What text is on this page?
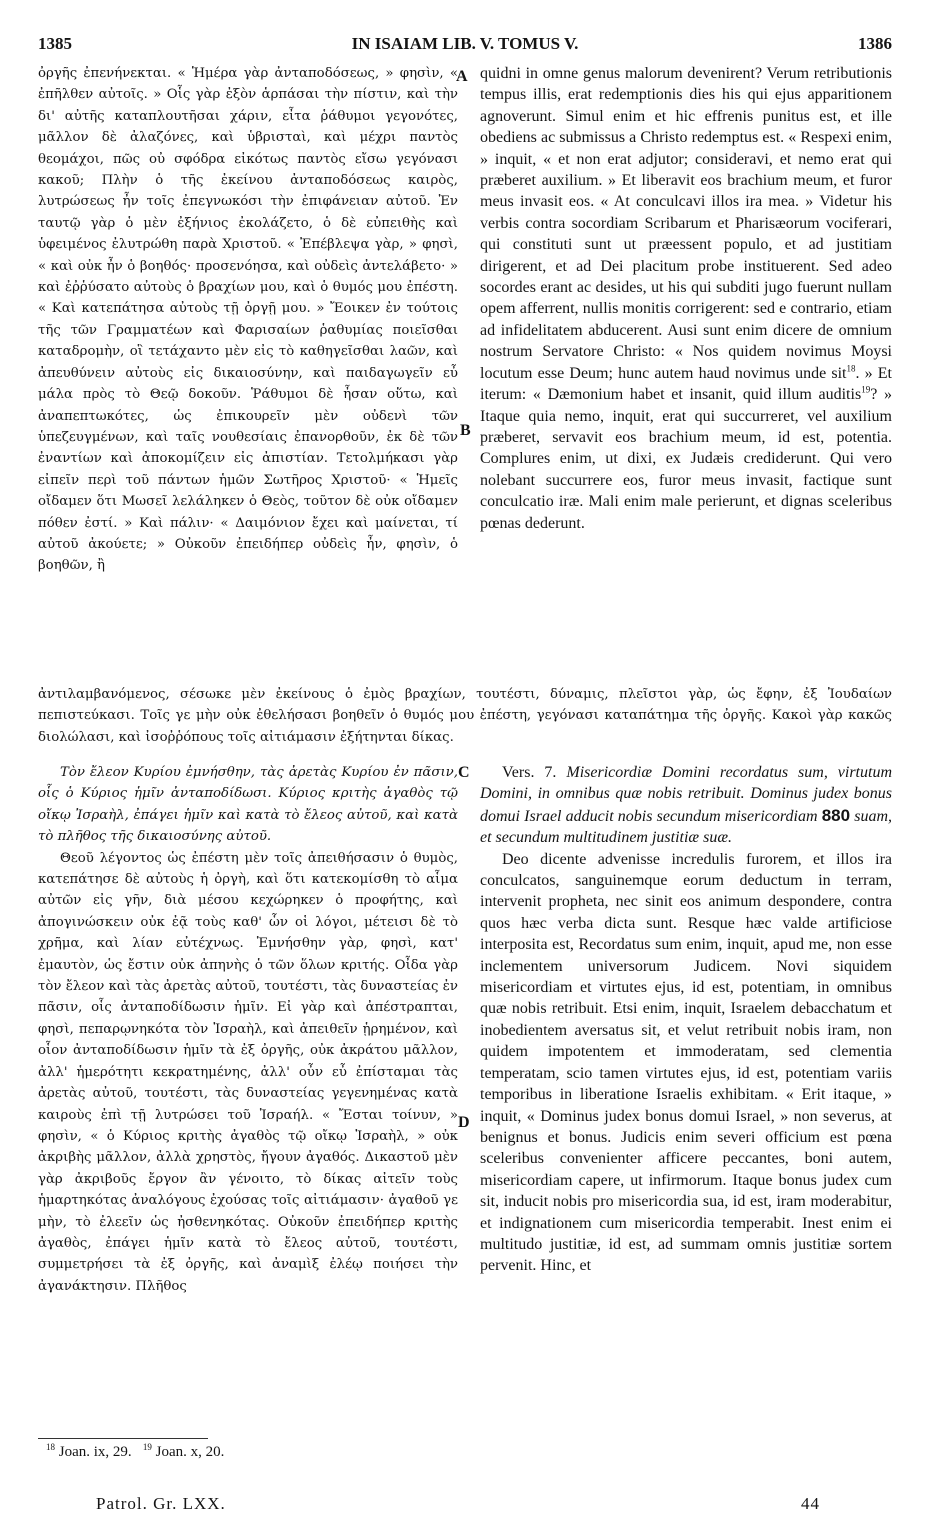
1385	IN ISAIAM LIB. V. TOMUS V.	1386

ὀργῆς ἐπενήνεκται. « Ἡμέρα γὰρ ἀνταποδόσεως, » φησὶν, « ἐπῆλθεν αὐτοῖς. » Οἷς γὰρ ἐξὸν ἁρπάσαι τὴν πίστιν, καὶ τὴν δι' αὐτῆς καταπλουτῆσαι χάριν, εἶτα ῥάθυμοι γεγονότες, μᾶλλον δὲ ἀλαζόνες, καὶ ὑβρισταὶ, καὶ μέχρι παντὸς θεομάχοι, πῶς οὐ σφόδρα εἰκότως παντὸς εἴσω γεγόνασι κακοῦ; Πλὴν ὁ τῆς ἐκείνου ἀνταποδόσεως καιρὸς, λυτρώσεως ἦν τοῖς ἐπεγνωκόσι τὴν ἐπιφάνειαν αὐτοῦ. Ἐν ταυτῷ γὰρ ὁ μὲν ἐξήνιος ἐκολάζετο, ὁ δὲ εὐπειθὴς καὶ ὑφειμένος ἐλυτρώθη παρὰ Χριστοῦ. « Ἐπέβλεψα γὰρ, » φησὶ, « καὶ οὐκ ἦν ὁ βοηθός· προσενόησα, καὶ οὐδεὶς ἀντελάβετο· » καὶ ἐῤῥύσατο αὐτοὺς ὁ βραχίων μου, καὶ ὁ θυμός μου ἐπέστη. « Καὶ κατεπάτησα αὐτοὺς τῇ ὀργῇ μου. » Ἔοικεν ἐν τούτοις τῆς τῶν Γραμματέων καὶ Φαρισαίων ῥαθυμίας ποιεῖσθαι καταδρομὴν, οἳ τετάχαντο μὲν εἰς τὸ καθηγεῖσθαι λαῶν, καὶ ἀπευθύνειν αὐτοὺς εἰς δικαιοσύνην, καὶ παιδαγωγεῖν εὖ μάλα πρὸς τὸ Θεῷ δοκοῦν. Ῥάθυμοι δὲ ἦσαν οὕτω, καὶ ἀναπεπτωκότες, ὡς ἐπικουρεῖν μὲν οὐδενὶ τῶν ὑπεζευγμένων, καὶ ταῖς νουθεσίαις ἐπανορθοῦν, ἐκ δὲ τῶν ἐναντίων καὶ ἀποκομίζειν εἰς ἀπιστίαν. Τετολμήκασι γὰρ εἰπεῖν περὶ τοῦ πάντων ἡμῶν Σωτῆρος Χριστοῦ· « Ἡμεῖς οἴδαμεν ὅτι Μωσεῖ λελάληκεν ὁ Θεὸς, τοῦτον δὲ οὐκ οἴδαμεν πόθεν ἐστί. » Καὶ πάλιν· « Δαιμόνιον ἔχει καὶ μαίνεται, τί αὐτοῦ ἀκούετε; » Οὐκοῦν ἐπειδήπερ οὐδεὶς ἦν, φησὶν, ὁ βοηθῶν, ἢ

A
B

quidni in omne genus malorum devenirent? Verum retributionis tempus illis, erat redemptionis dies his qui ejus apparitionem agnoverunt. Simul enim et hic effrenis punitus est, et ille obediens ac submissus a Christo redemptus est. « Respexi enim, » inquit, « et non erat adjutor; consideravi, et nemo erat qui præberet auxilium. » Et liberavit eos brachium meum, et furor meus invasit eos. « At conculcavi illos ira mea. » Videtur his verbis contra socordiam Scribarum et Pharisæorum vociferari, qui constituti sunt ut præessent populo, et ad justitiam dirigerent, et ad Dei placitum probe instituerent. Sed adeo socordes erant ac desides, ut his qui subditi jugo fuerunt nullam opem afferrent, nullis monitis corrigerent: sed e contrario, etiam ad infidelitatem abducerent. Ausi sunt enim dicere de omnium nostrum Servatore Christo: « Nos quidem novimus Moysi locutum esse Deum; hunc autem haud novimus unde sit$^{18}$. » Et iterum: « Dæmonium habet et insanit, quid illum auditis$^{19}$? » Itaque quia nemo, inquit, erat qui succurreret, vel auxilium præberet, servavit eos brachium meum, id est, potentia. Complures enim, ut dixi, ex Judæis crediderunt. Qui vero nolebant succurrere eos, furor meus invasit, factique sunt conculcatio iræ. Mali enim male perierunt, et dignas sceleribus pœnas dederunt.

ἀντιλαμβανόμενος, σέσωκε μὲν ἐκείνους ὁ ἐμὸς βραχίων, τουτέστι, δύναμις, πλεῖστοι γὰρ, ὡς ἔφην, ἐξ Ἰουδαίων πεπιστεύκασι. Τοῖς γε μὴν οὐκ ἐθελήσασι βοηθεῖν ὁ θυμός μου ἐπέστη, γεγόνασι καταπάτημα τῆς ὀργῆς. Κακοὶ γὰρ κακῶς διολώλασι, καὶ ἰσοῤῥόπους τοῖς αἰτιάμασιν ἐξήτηνται δίκας.
C
D

Τὸν ἔλεον Κυρίου ἐμνήσθην, τὰς ἀρετὰς Κυρίου ἐν πᾶσιν, οἷς ὁ Κύριος ἡμῖν ἀνταποδίδωσι. Κύριος κριτὴς ἀγαθὸς τῷ οἴκῳ Ἰσραὴλ, ἐπάγει ἡμῖν καὶ κατὰ τὸ ἔλεος αὐτοῦ, καὶ κατὰ τὸ πλῆθος τῆς δικαιοσύνης αὐτοῦ.

Θεοῦ λέγοντος ὡς ἐπέστη μὲν τοῖς ἀπειθήσασιν ὁ θυμὸς, κατεπάτησε δὲ αὐτοὺς ἡ ὀργὴ, καὶ ὅτι κατεκομίσθη τὸ αἷμα αὐτῶν εἰς γῆν, διὰ μέσου κεχώρηκεν ὁ προφήτης, καὶ ἀπογινώσκειν οὐκ ἐᾷ τοὺς καθ' ὧν οἱ λόγοι, μέτεισι δὲ τὸ χρῆμα, καὶ λίαν εὐτέχνως. Ἐμνήσθην γὰρ, φησὶ, κατ' ἐμαυτὸν, ὡς ἔστιν οὐκ ἀπηνὴς ὁ τῶν ὅλων κριτής. Οἶδα γὰρ τὸν ἔλεον καὶ τὰς ἀρετὰς αὐτοῦ, τουτέστι, τὰς δυναστείας ἐν πᾶσιν, οἷς ἀνταποδίδωσιν ἡμῖν. Εἰ γὰρ καὶ ἀπέστραπται, φησὶ, πεπαρῳνηκότα τὸν Ἰσραὴλ, καὶ ἀπειθεῖν ᾑρημένον, καὶ οἷον ἀνταποδίδωσιν ἡμῖν τὰ ἐξ ὀργῆς, οὐκ ἀκράτου μᾶλλον, ἀλλ' ἡμερότητι κεκρατημένης, ἀλλ' οὖν εὖ ἐπίσταμαι τὰς ἀρετὰς αὐτοῦ, τουτέστι, τὰς δυναστείας γεγενημένας κατὰ καιροὺς ἐπὶ τῇ λυτρώσει τοῦ Ἰσραήλ. « Ἔσται τοίνυν, » φησὶν, « ὁ Κύριος κριτὴς ἀγαθὸς τῷ οἴκῳ Ἰσραὴλ, » οὐκ ἀκριβὴς μᾶλλον, ἀλλὰ χρηστὸς, ἤγουν ἀγαθός. Δικαστοῦ μὲν γὰρ ἀκριβοῦς ἔργον ἂν γένοιτο, τὸ δίκας αἰτεῖν τοὺς ἡμαρτηκότας ἀναλόγους ἐχούσας τοῖς αἰτιάμασιν· ἀγαθοῦ γε μὴν, τὸ ἐλεεῖν ὡς ἠσθενηκότας. Οὐκοῦν ἐπειδήπερ κριτὴς ἀγαθὸς, ἐπάγει ἡμῖν κατὰ τὸ ἔλεος αὐτοῦ, τουτέστι, συμμετρήσει τὰ ἐξ ὀργῆς, καὶ ἀναμὶξ ἐλέῳ ποιήσει τὴν ἀγανάκτησιν. Πλῆθος

Vers. 7. Misericordiæ Domini recordatus sum, virtutum Domini, in omnibus quæ nobis retribuit. Dominus judex bonus domui Israel adducit nobis secundum misericordiam 880 suam, et secundum multitudinem justitiæ suæ.

Deo dicente advenisse incredulis furorem, et illos ira conculcatos, sanguinemque eorum deductum in terram, intervenit propheta, nec sinit eos animum despondere, contra quos hæc verba dicta sunt. Resque hæc valde artificiose interposita est, Recordatus sum enim, inquit, apud me, non esse inclementem universorum Judicem. Novi siquidem misericordiam et virtutes ejus, id est, potentiam, in omnibus quæ nobis retribuit. Etsi enim, inquit, Israelem debacchatum et inobedientem aversatus sit, et velut retribuit nobis iram, non quidem impotentem et immoderatam, sed clementia temperatam, scio tamen virtutes ejus, id est, potentiam variis temporibus in liberatione Israelis exhibitam. « Erit itaque, » inquit, « Dominus judex bonus domui Israel, » non severus, at benignus et bonus. Judicis enim severi officium est pœna sceleribus convenienter afficere peccantes, boni autem, misericordiam capere, ut infirmorum. Itaque bonus judex cum sit, inducit nobis pro misericordia sua, id est, iram moderabitur, et indignationem cum misericordia temperabit. Inest enim ei multitudo justitiæ, id est, ad summam omnis justitiæ sortem pervenit. Hinc, et

$^{18}$ Joan. ix, 29. $^{19}$ Joan. x, 20.
Patrol. Gr. LXX.	44
